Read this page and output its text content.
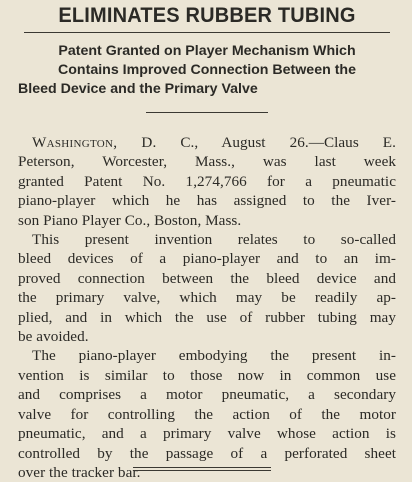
ELIMINATES RUBBER TUBING
Patent Granted on Player Mechanism Which
Contains Improved Connection Between the
Bleed Device and the Primary Valve
Washington, D. C., August 26.—Claus E.
Peterson, Worcester, Mass., was last week
granted Patent No. 1,274,766 for a pneumatic
piano-player which he has assigned to the Iver-
son Piano Player Co., Boston, Mass.
This present invention relates to so-called
bleed devices of a piano-player and to an im-
proved connection between the bleed device and
the primary valve, which may be readily ap-
plied, and in which the use of rubber tubing may
be avoided.
The piano-player embodying the present in-
vention is similar to those now in common use
and comprises a motor pneumatic, a secondary
valve for controlling the action of the motor
pneumatic, and a primary valve whose action is
controlled by the passage of a perforated sheet
over the tracker bar.
